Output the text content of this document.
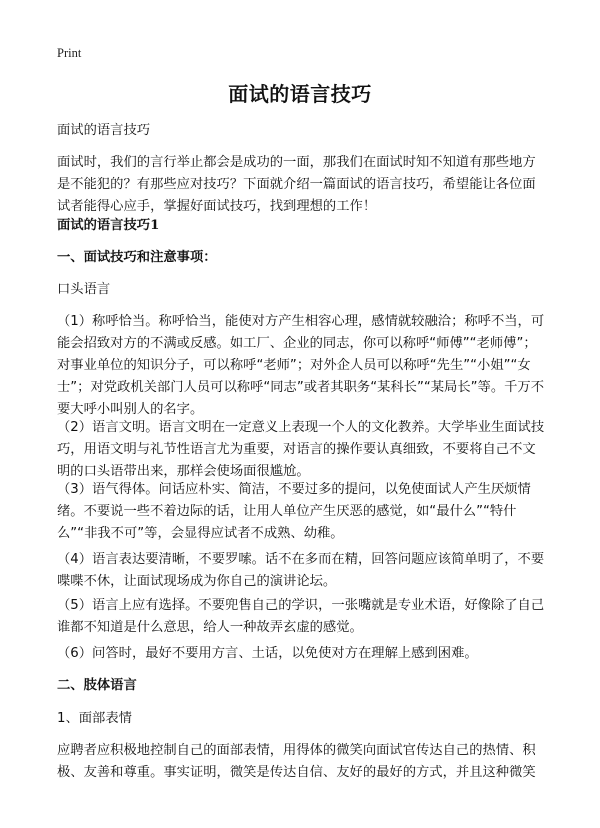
Print
面试的语言技巧
面试的语言技巧
面试时，我们的言行举止都会是成功的一面，那我们在面试时知不知道有那些地方是不能犯的？有那些应对技巧？下面就介绍一篇面试的语言技巧，希望能让各位面试者能得心应手，掌握好面试技巧，找到理想的工作！
面试的语言技巧1
一、面试技巧和注意事项：
口头语言
（1）称呼恰当。称呼恰当，能使对方产生相容心理，感情就较融洽；称呼不当，可能会招致对方的不满或反感。如工厂、企业的同志，你可以称呼“师傅”“老师傅”；对事业单位的知识分子，可以称呼“老师”；对外企人员可以称呼“先生”“小姐”“女士”；对党政机关部门人员可以称呼“同志”或者其职务“某科长”“某局长”等。千万不要大呼小叫别人的名字。
（2）语言文明。语言文明在一定意义上表现一个人的文化教养。大学毕业生面试技巧，用语文明与礼节性语言尤为重要，对语言的操作要认真细致，不要将自己不文明的口头语带出来，那样会使场面很尴尬。
（3）语气得体。问话应朴实、简洁，不要过多的提问，以免使面试人产生厌烦情绪。不要说一些不着边际的话，让用人单位产生厌恶的感觉，如“最什么”“特什么”“非我不可”等，会显得应试者不成熟、幼稚。
（4）语言表达要清晰，不要罗嗦。话不在多而在精，回答问题应该简单明了，不要喋喋不休，让面试现场成为你自己的演讲论坛。
（5）语言上应有选择。不要兜售自己的学识，一张嘴就是专业术语，好像除了自己谁都不知道是什么意思，给人一种故弄玄虚的感觉。
（6）问答时，最好不要用方言、土话，以免使对方在理解上感到困难。
二、肢体语言
1、面部表情
应聘者应积极地控制自己的面部表情，用得体的微笑向面试官传达自己的热情、积极、友善和尊重。事实证明，微笑是传达自信、友好的最好的方式，并且这种微笑
